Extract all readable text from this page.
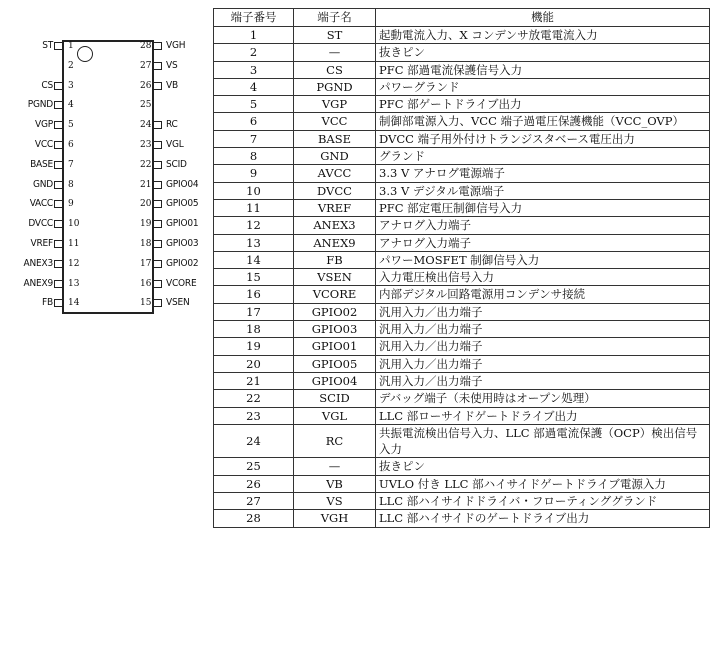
ST 1
2
CS 3
PGND 4
VGP 5
VCC 6
BASE 7
GND 8
VACC 9
DVCC 10
VREF 11
ANEX3 12
ANEX9 13
FB 14
VGH
28
VS
27
VB
26
25
RC
24
VGL
23
SCID
22
GPIO04
21
GPIO05
20
GPIO01
19
GPIO03
18
GPIO02
17
VCORE
16
VSEN
15
端子番号	端子名	機能
1	ST	起動電流入力、X コンデンサ放電電流入力
2	—	抜きピン
3	CS	PFC 部過電流保護信号入力
4	PGND	パワーグランド
5	VGP	PFC 部ゲートドライブ出力
6	VCC	制御部電源入力、VCC 端子過電圧保護機能（VCC_OVP）
7	BASE	DVCC 端子用外付けトランジスタベース電圧出力
8	GND	グランド
9	AVCC	3.3 V アナログ電源端子
10	DVCC	3.3 V デジタル電源端子
11	VREF	PFC 部定電圧制御信号入力
12	ANEX3	アナログ入力端子
13	ANEX9	アナログ入力端子
14	FB	パワーMOSFET 制御信号入力
15	VSEN	入力電圧検出信号入力
16	VCORE	内部デジタル回路電源用コンデンサ接続
17	GPIO02	汎用入力／出力端子
18	GPIO03	汎用入力／出力端子
19	GPIO01	汎用入力／出力端子
20	GPIO05	汎用入力／出力端子
21	GPIO04	汎用入力／出力端子
22	SCID	デバッグ端子（未使用時はオープン処理）
23	VGL	LLC 部ローサイドゲートドライブ出力
24	RC	共振電流検出信号入力、LLC 部過電流保護（OCP）検出信号入力
25	—	抜きピン
26	VB	UVLO 付き LLC 部ハイサイドゲートドライブ電源入力
27	VS	LLC 部ハイサイドドライバ・フローティンググランド
28	VGH	LLC 部ハイサイドのゲートドライブ出力
